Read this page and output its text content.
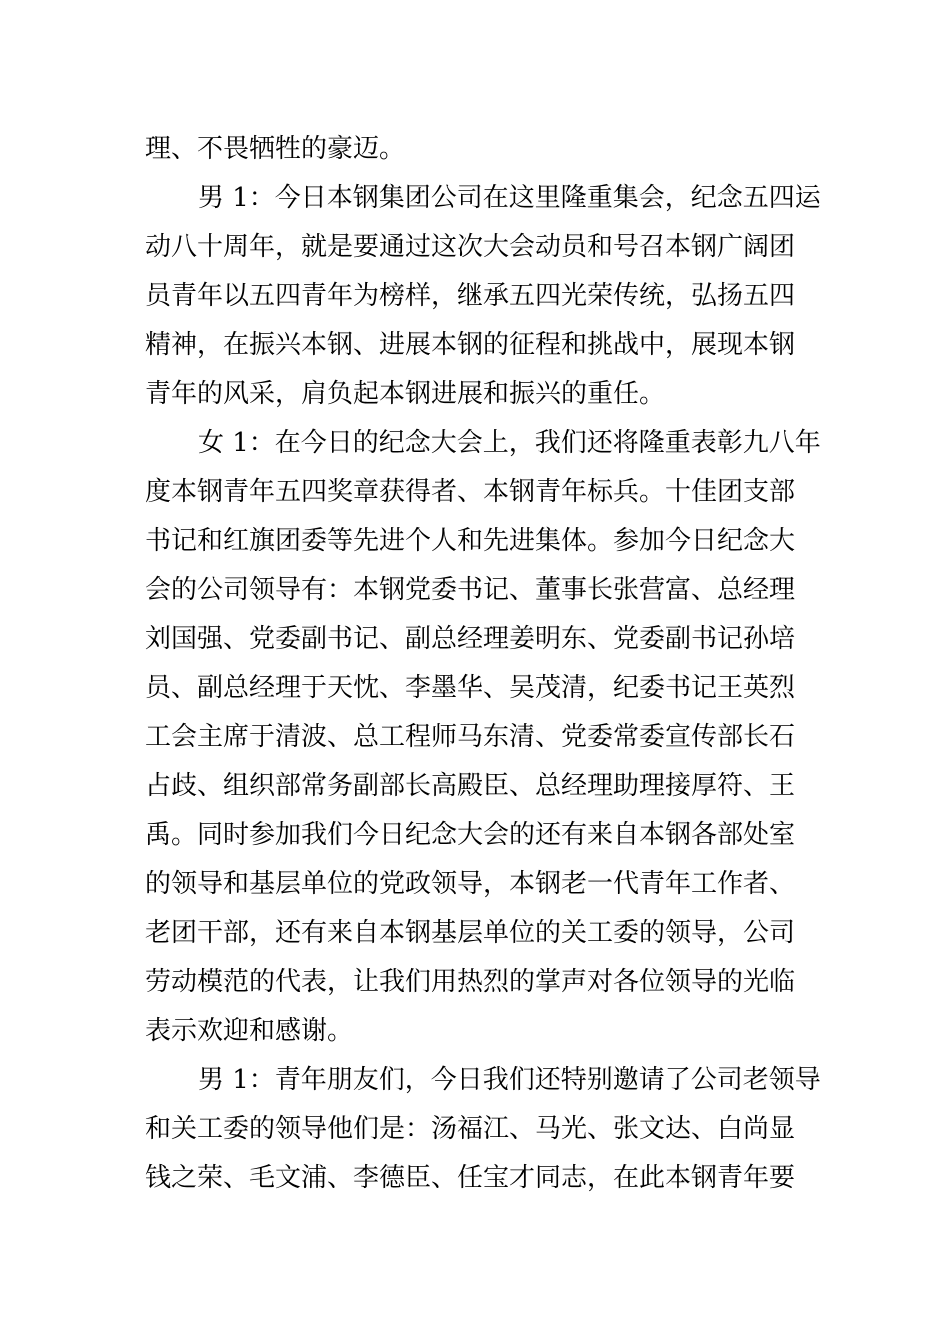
理、不畏牺牲的豪迈。
男 1：今日本钢集团公司在这里隆重集会，纪念五四运
动八十周年，就是要通过这次大会动员和号召本钢广阔团
员青年以五四青年为榜样，继承五四光荣传统，弘扬五四
精神，在振兴本钢、进展本钢的征程和挑战中，展现本钢
青年的风采，肩负起本钢进展和振兴的重任。
女 1：在今日的纪念大会上，我们还将隆重表彰九八年
度本钢青年五四奖章获得者、本钢青年标兵。十佳团支部
书记和红旗团委等先进个人和先进集体。参加今日纪念大
会的公司领导有：本钢党委书记、董事长张营富、总经理
刘国强、党委副书记、副总经理姜明东、党委副书记孙培
员、副总经理于天忱、李墨华、吴茂清，纪委书记王英烈
工会主席于清波、总工程师马东清、党委常委宣传部长石
占歧、组织部常务副部长高殿臣、总经理助理接厚符、王
禹。同时参加我们今日纪念大会的还有来自本钢各部处室
的领导和基层单位的党政领导，本钢老一代青年工作者、
老团干部，还有来自本钢基层单位的关工委的领导，公司
劳动模范的代表，让我们用热烈的掌声对各位领导的光临
表示欢迎和感谢。
男 1：青年朋友们，今日我们还特别邀请了公司老领导
和关工委的领导他们是：汤福江、马光、张文达、白尚显
钱之荣、毛文浦、李德臣、任宝才同志，在此本钢青年要
